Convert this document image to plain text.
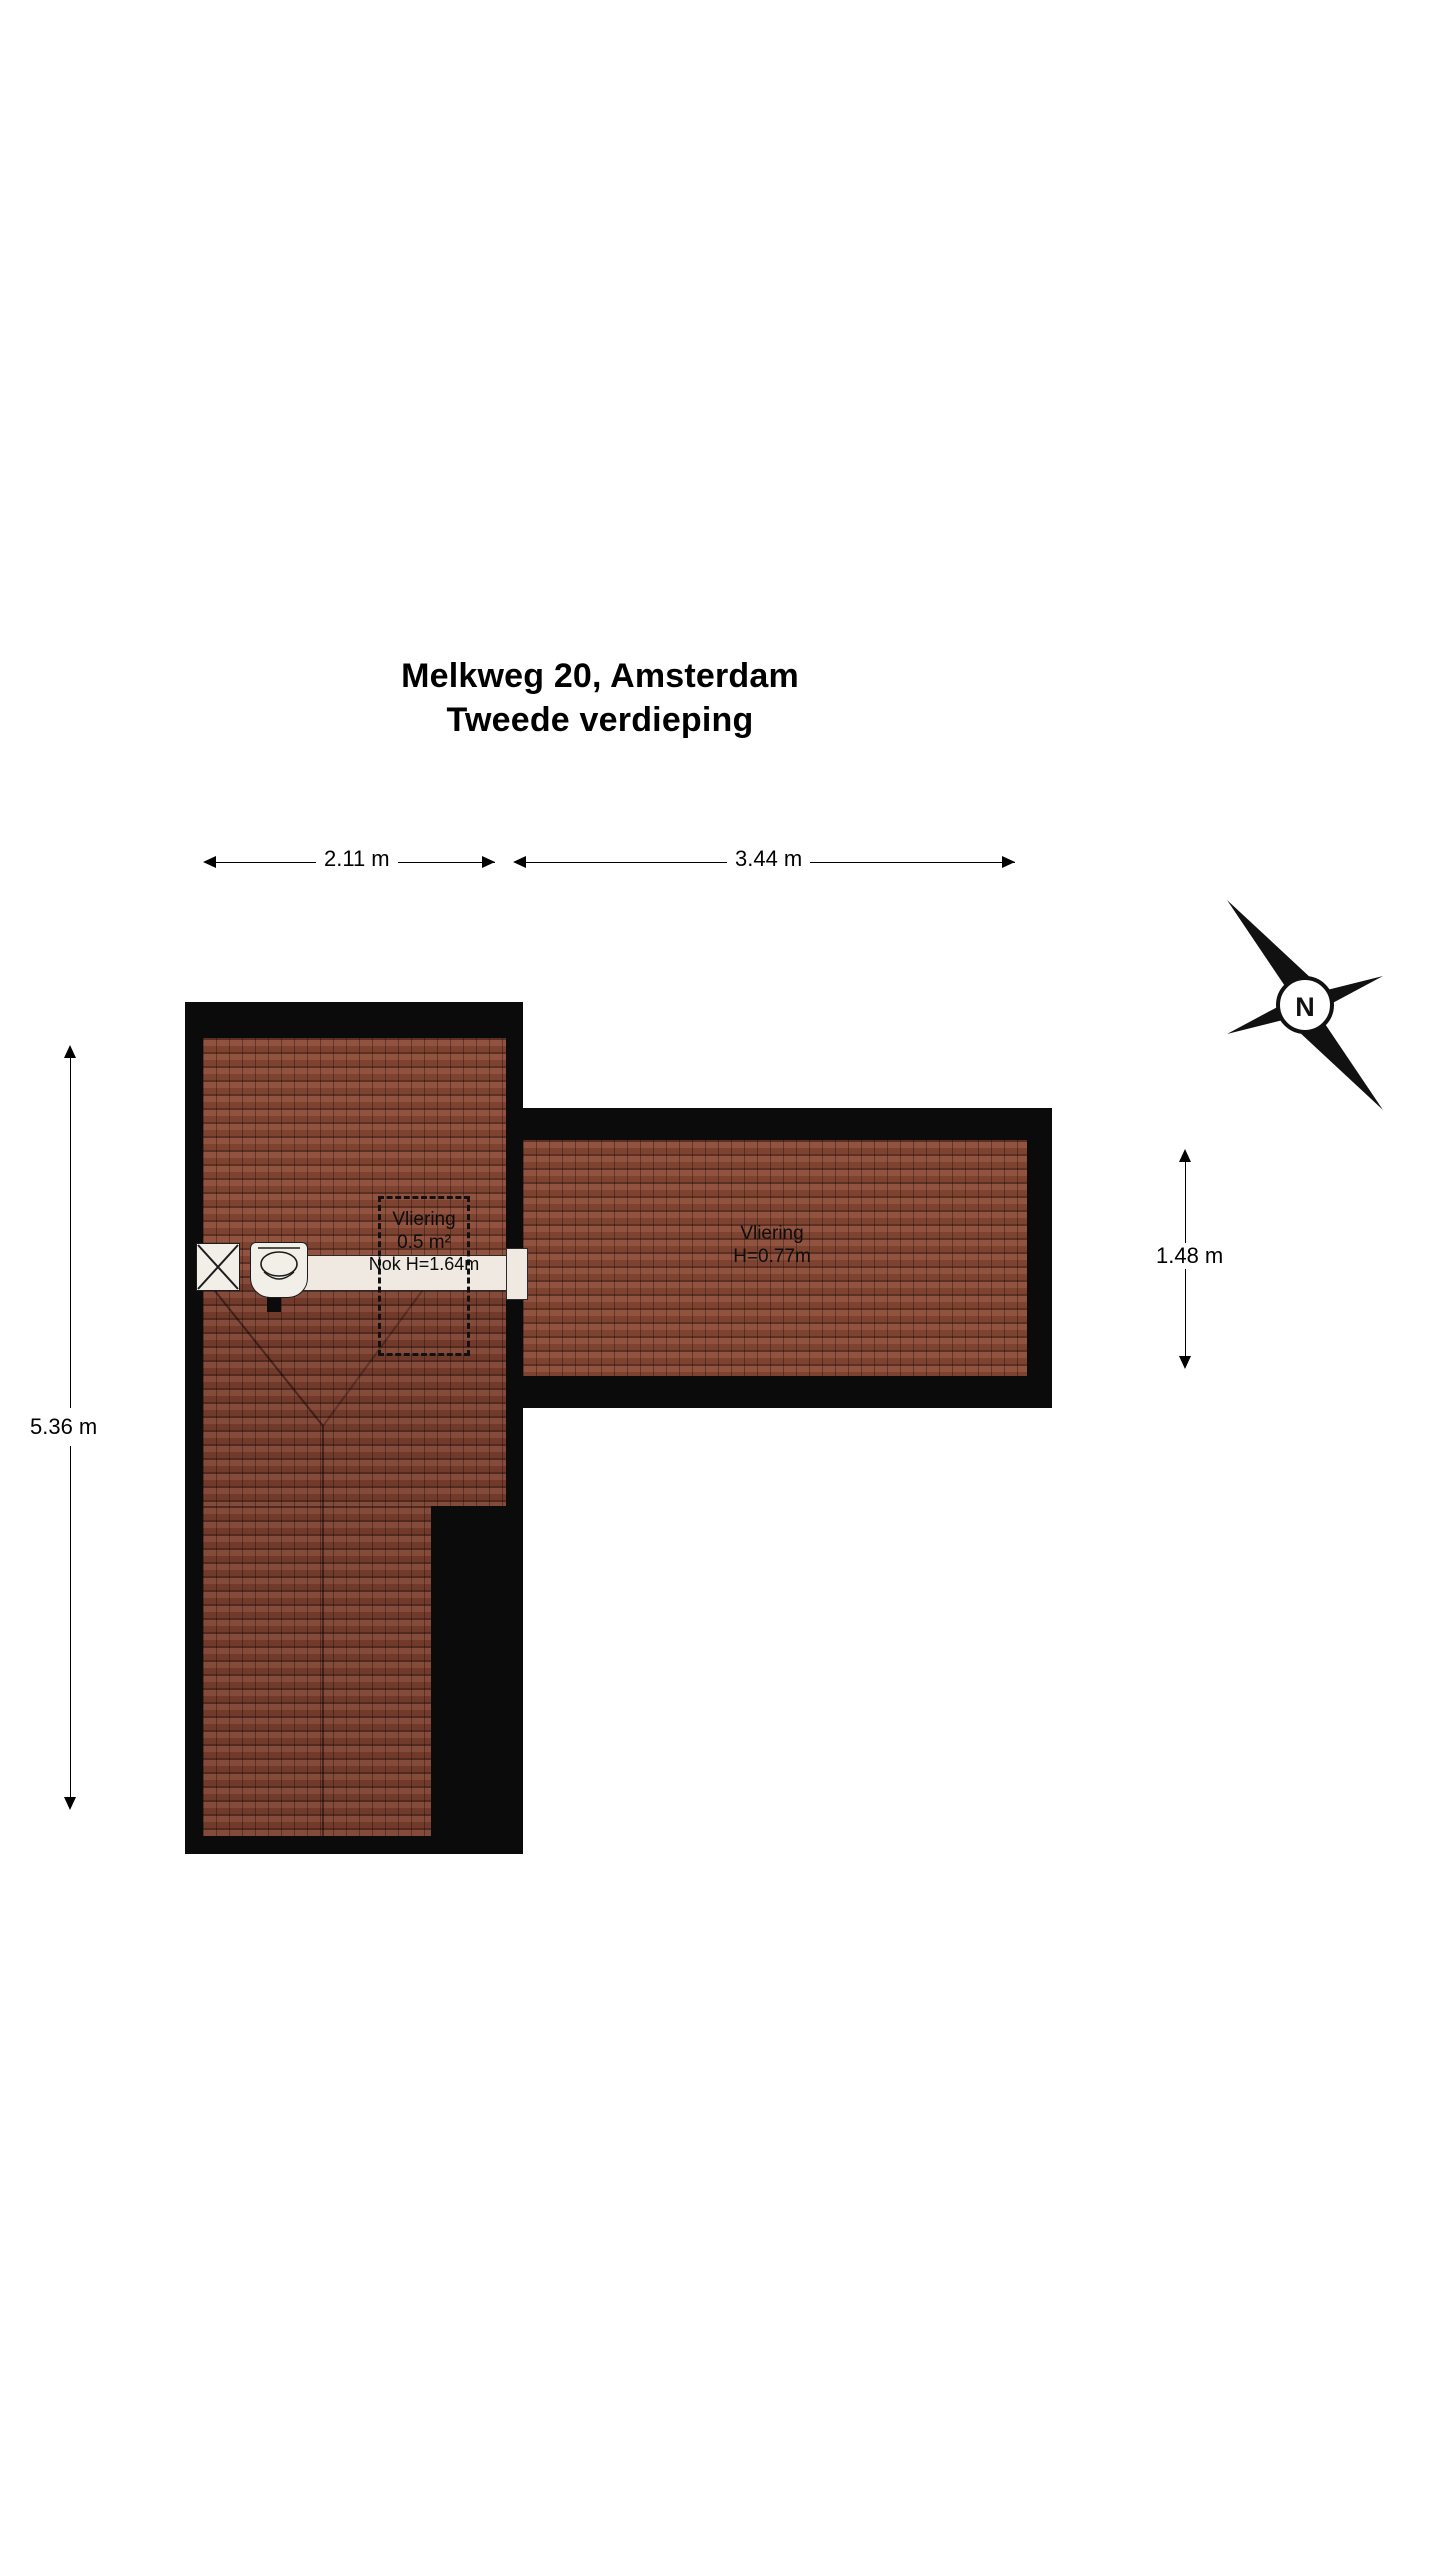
Melkweg 20, Amsterdam
Tweede verdieping
2.11 m	3.44 m
5.36 m
1.48 m
N
Vliering
0.5 m²
Nok H=1.64m
Vliering
H=0.77m
